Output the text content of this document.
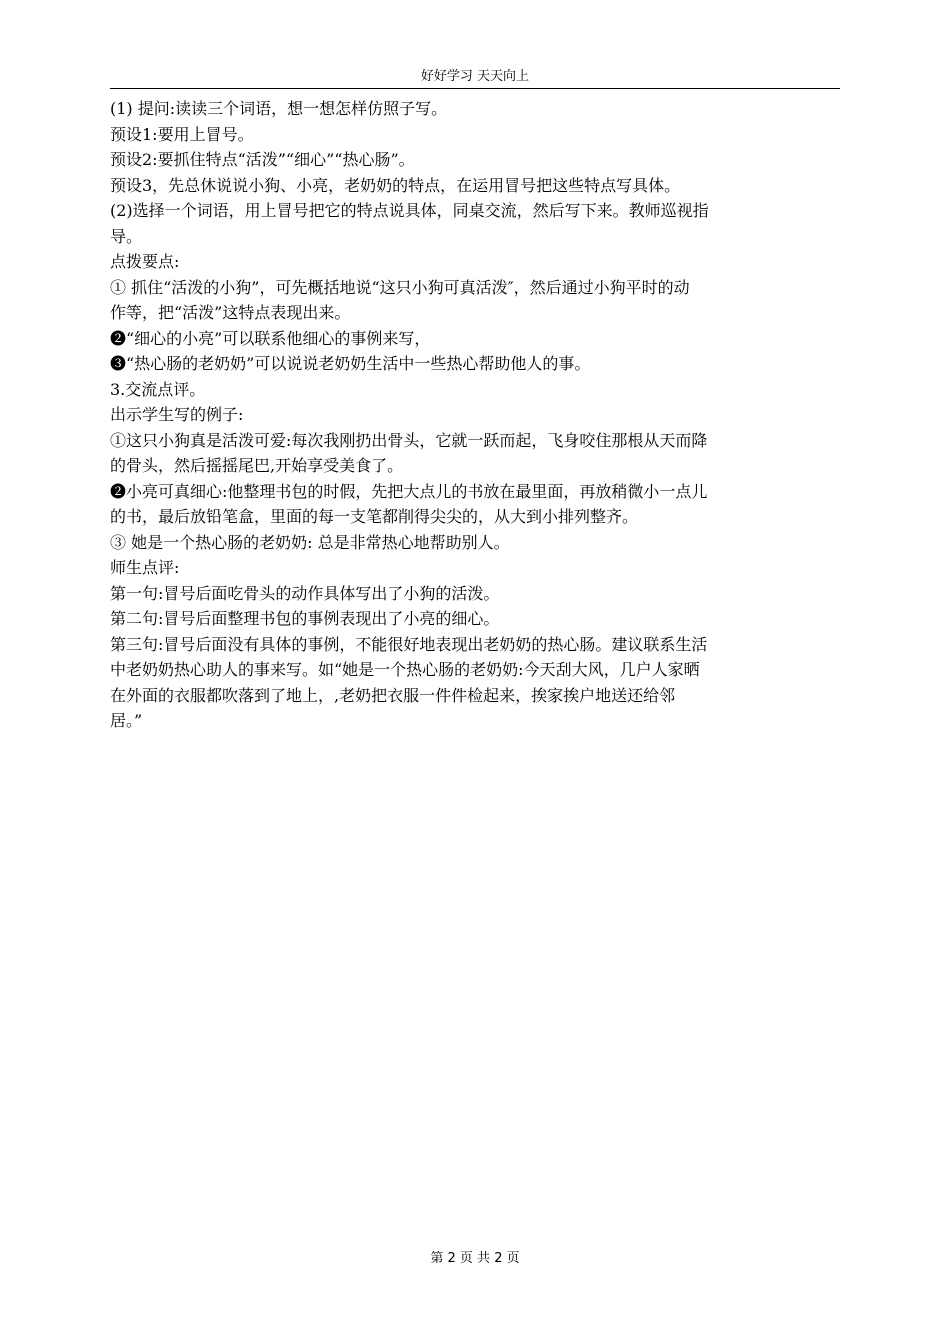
好好学习 天天向上
(1) 提问:读读三个词语，想一想怎样仿照子写。
预设1:要用上冒号。
预设2:要抓住特点“活泼”“细心”“热心肠”。
预设3，先总休说说小狗、小亮，老奶奶的特点，在运用冒号把这些特点写具体。
(2)选择一个词语，用上冒号把它的特点说具体，同桌交流，然后写下来。教师巡视指
导。
点拨要点:
① 抓住“活泼的小狗”，可先概括地说“这只小狗可真活泼″，然后通过小狗平时的动
作等，把“活泼”这特点表现出来。
❷“细心的小亮”可以联系他细心的事例来写，
❸“热心肠的老奶奶”可以说说老奶奶生活中一些热心帮助他人的事。
3.交流点评。
出示学生写的例子:
①这只小狗真是活泼可爱:每次我刚扔出骨头，它就一跃而起，飞身咬住那根从天而降
的骨头，然后摇摇尾巴,开始享受美食了。
❷小亮可真细心:他整理书包的时假，先把大点儿的书放在最里面，再放稍微小一点儿
的书，最后放铅笔盒，里面的每一支笔都削得尖尖的，从大到小排列整齐。
③ 她是一个热心肠的老奶奶: 总是非常热心地帮助别人。
师生点评:
第一句:冒号后面吃骨头的动作具体写出了小狗的活泼。
第二句:冒号后面整理书包的事例表现出了小亮的细心。
第三句:冒号后面没有具体的事例，不能很好地表现出老奶奶的热心肠。建议联系生活
中老奶奶热心助人的事来写。如“她是一个热心肠的老奶奶:今天刮大风，几户人家晒
在外面的衣服都吹落到了地上，,老奶把衣服一件件检起来，挨家挨户地送还给邻
居。”
第 2 页 共 2 页
